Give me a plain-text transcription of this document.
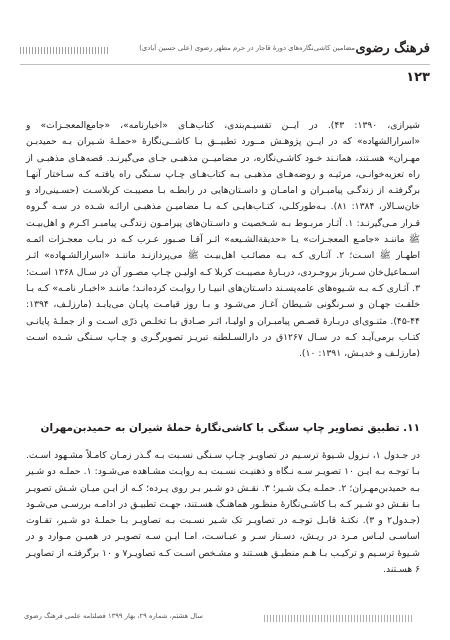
فرهنگ رضوی
مضامین کاشی‌نگاره‌های دورهٔ قاجار در حرم مطهر رضوی (علی حسین آبادی)
۱۲۳

شیرازی، ۱۳۹۰: ۴۳). در ایــن تقسیـم‌بندی، کتاب‌هـای «اخبارنامه»، «جامع‌المعجـزات» و «اسرارالشهاده» که در ایــن پژوهـش مــورد تطبیــق بـا کاشــی‌نگارهٔ «حملـهٔ شـیران بـه حمیدبـن مهـران» هسـتند، همانـند خـود کاشـی‌نگاره، در مضامیــن مذهبـی جـای می‌گیرنـد. قصه‌هـای مذهبـی از راه تعزیه‌خوانـی، مرثیـه و روضه‌هـای مذهبـی بـه کتاب‌هـای چـاپ سـنگی راه یافتـه کـه سـاختار آنهـا برگرفتـه از زندگـی پیامبـران و امامـان و داسـتان‌هایی در رابطـه بـا مصیبـت کربلاسـت (حسـینی‌راد و خان‌سـالار، ۱۳۸۴: ۸۱). بـه‌طورکلـی، کتـاب‌هایـی کـه بـا مضامیـن مذهبـی ارائـه شـده در سـه گـروه قـرار مـی‌گیرنـد: ۱. آثـار مربـوط بـه شـخصیت و داسـتان‌های پیرامـون زندگـی پیامبـر اکـرم و اهل‌بیـت ﷺ ماننـد «جامـع المعجـزات» یـا «حدیقةالشـیعه» اثـر آقـا صـبور عـرب کـه در بـاب معجـزات ائمـه اطهـار ﷺ اسـت؛ ۲. آثـاری کـه بـه مصائـب اهل‌بیـت ﷺ می‌پردازنـد ماننـد «اسرارالشـهاده» اثـر اسـماعیل‌خان سـرباز بروجـردی، دربـارهٔ مصیبـت کربلا کـه اولیـن چـاپ مصـور آن در سـال ۱۳۶۸ اسـت؛ ۳. آثـاری کـه بـه شـیوه‌های عامه‌پسـند داسـتان‌های انبیـا را روایـت کرده‌انـد؛ ماننـد «اخبـار نامـه» کـه بـا خلقـت جهـان و سـرنگونی شـیطان آغـاز می‌شـود و بـا روز قیامـت پایـان می‌یابـد (مارزلـف، ۱۳۹۴: ۴۴-۴۵). مثنـوی‌ای دربـارهٔ قصـص پیامبـران و اولیـا، اثـر صـادق بـا تخلـص ذرّی اسـت و از جملـهٔ پایانـی کتـاب برمی‌آیـد کـه در سـال ۱۲۶۷ق در دارالسـلطنه تبریـز تصویرگـری و چـاپ سـنگی شـده اسـت (مارزلـف و خدیـش، ۱۳۹۱: ۱۰).

۱۱. تطبیق تصاویر چاپ سنگی با کاشی‌نگارهٔ حملهٔ شیران به حمیدبن‌مهران

در جـدول ۱، نـزول شـیوهٔ ترسـیم در تصاویـر چـاپ سـنگی نسـبت بـه گـذر زمـان کامـلاً مشـهود اسـت. بـا توجـه بـه ایـن ۱۰ تصویـر سـه نـگاه و ذهنیـت نسـبت بـه روایـت مشـاهده می‌شـود: ۱. حملـه دو شـیر بـه حمیدبن‌مهـران؛ ۲. حملـه یـک شـیر؛ ۳. نقـش دو شـیر بـر روی پـرده؛ کـه از ایـن میـان شـش تصویـر بـا نقـش دو شـیر کـه بـا کاشـی‌نگارهٔ منظـور هماهنـگ هسـتند، جهـت تطبیـق در ادامـه بررسـی می‌شـود (جـدول۲ و ۳). نکتـهٔ قابـل توجـه در تصاویـر تک شـیر نسـبت بـه تصاویـر بـا حملـهٔ دو شـیر، تفـاوت اساسـی لبـاس مـرد در ریـش، دسـتار سـر و عبـاسـت، امـا ایـن سـه تصویـر در همیـن مـوارد و در شـیوهٔ ترسـیم و ترکیـب بـا هـم منطبـق هسـتند و مشـخص اسـت کـه تصاویـر۷ و ۱۰ برگرفتـه از تصاویـر ۶ هسـتند.

سال هشتم، شماره ۲۹، بهار ۱۳۹۹ فصلنامه علمی فرهنگ رضوی
